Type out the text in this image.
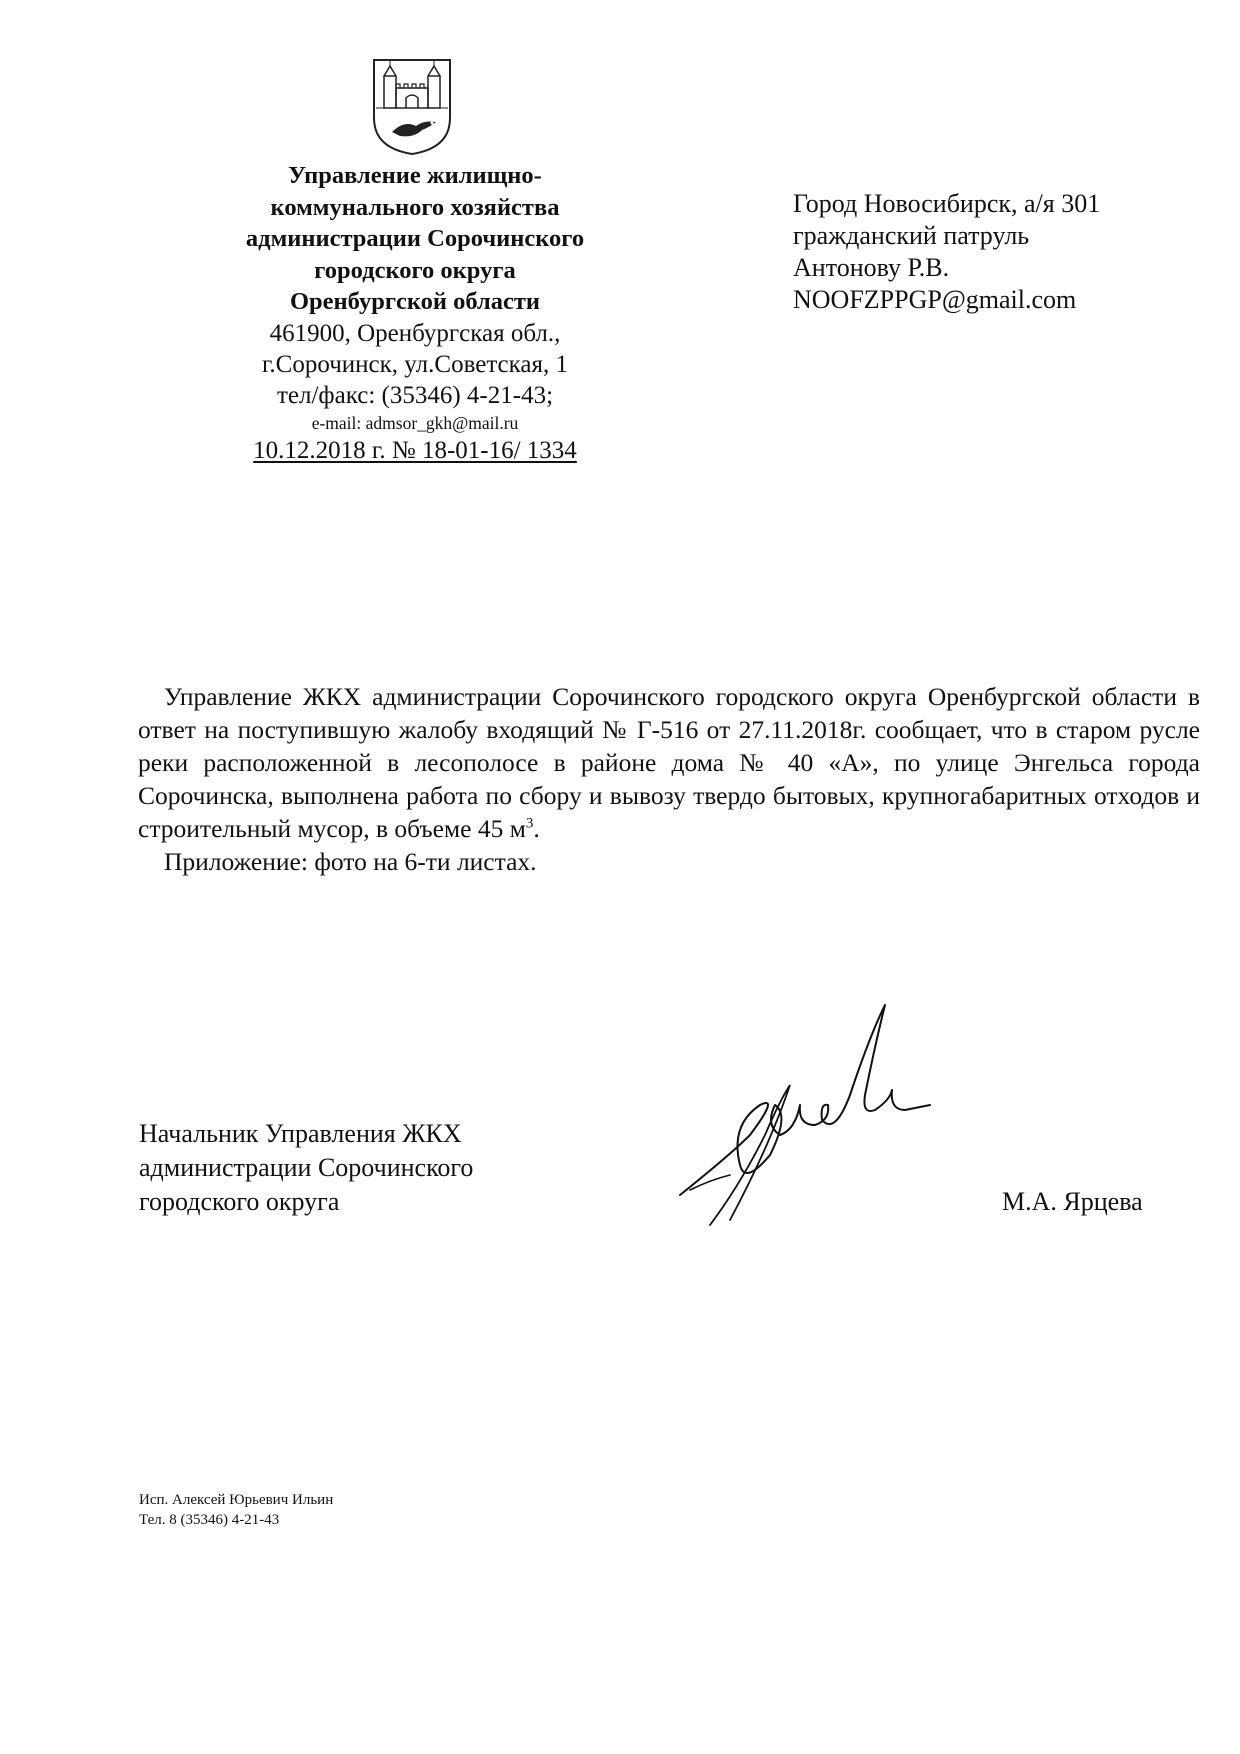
Управление жилищно-
коммунального хозяйства
администрации Сорочинского
городского округа
Оренбургской области
461900, Оренбургская обл.,
г.Сорочинск, ул.Советская, 1
тел/факс: (35346) 4-21-43;
e-mail: admsor_gkh@mail.ru
10.12.2018 г. № 18-01-16/ 1334
Город Новосибирск, а/я 301
гражданский патруль
Антонову Р.В.
NOOFZPPGP@gmail.com

Управление ЖКХ администрации Сорочинского городского округа Оренбургской области в ответ на поступившую жалобу входящий № Г-516 от 27.11.2018г. сообщает, что в старом русле реки расположенной в лесополосе в районе дома № 40 «А», по улице Энгельса города Сорочинска, выполнена работа по сбору и вывозу твердо бытовых, крупногабаритных отходов и строительный мусор, в объеме 45 $м^3$.

Приложение: фото на 6-ти листах.

Начальник Управления ЖКХ
администрации Сорочинского
городского округа	М.А. Ярцева
Исп. Алексей Юрьевич Ильин
Тел. 8 (35346) 4-21-43
